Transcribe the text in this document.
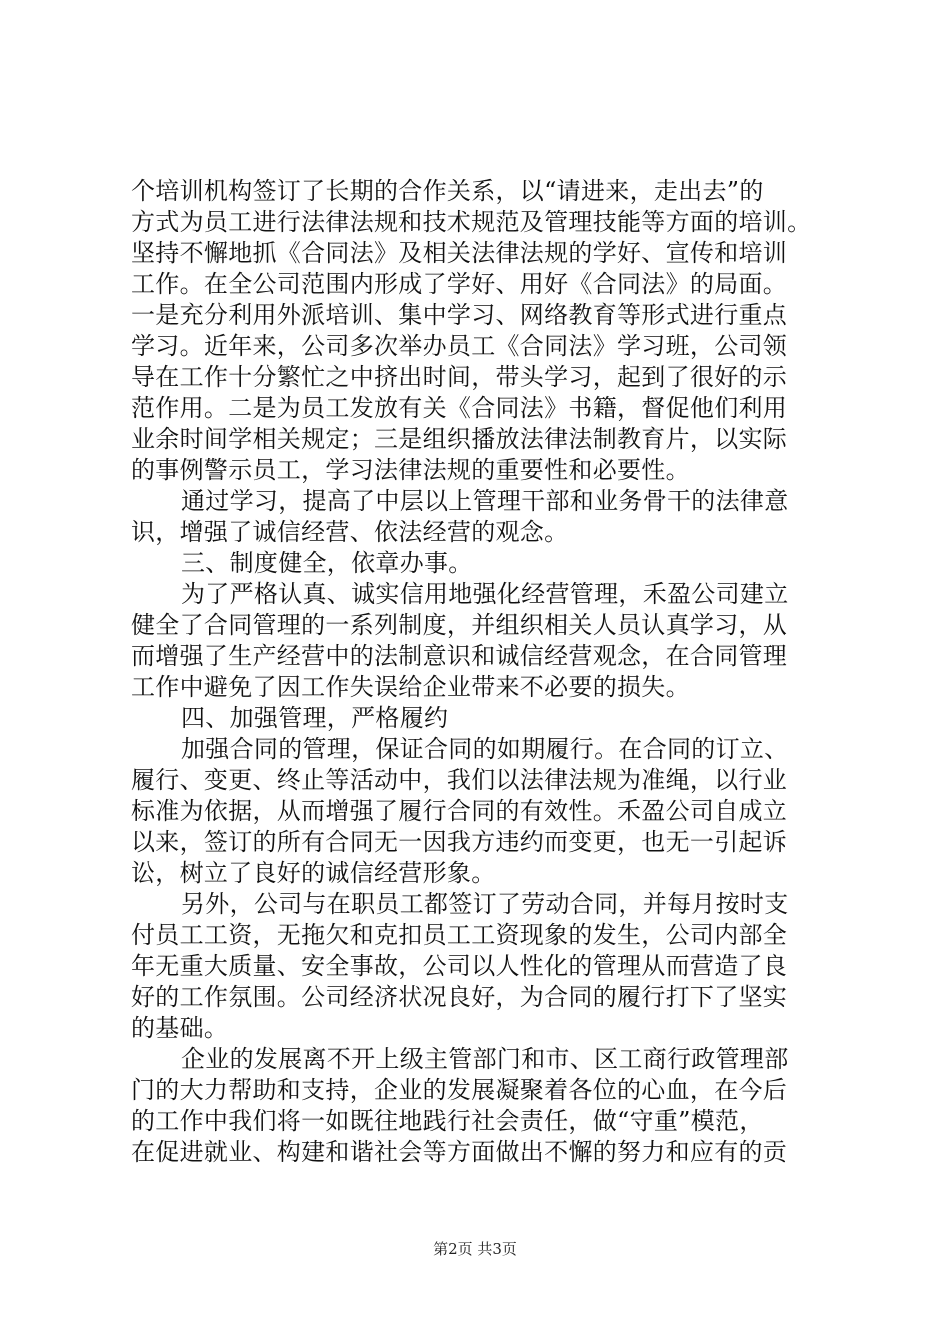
个培训机构签订了长期的合作关系，以“请进来，走出去”的
方式为员工进行法律法规和技术规范及管理技能等方面的培训。
坚持不懈地抓《合同法》及相关法律法规的学好、宣传和培训
工作。在全公司范围内形成了学好、用好《合同法》的局面。
一是充分利用外派培训、集中学习、网络教育等形式进行重点
学习。近年来，公司多次举办员工《合同法》学习班，公司领
导在工作十分繁忙之中挤出时间，带头学习，起到了很好的示
范作用。二是为员工发放有关《合同法》书籍，督促他们利用
业余时间学相关规定；三是组织播放法律法制教育片，以实际
的事例警示员工，学习法律法规的重要性和必要性。
通过学习，提高了中层以上管理干部和业务骨干的法律意
识，增强了诚信经营、依法经营的观念。
三、制度健全，依章办事。
为了严格认真、诚实信用地强化经营管理，禾盈公司建立
健全了合同管理的一系列制度，并组织相关人员认真学习，从
而增强了生产经营中的法制意识和诚信经营观念，在合同管理
工作中避免了因工作失误给企业带来不必要的损失。
四、加强管理，严格履约
加强合同的管理，保证合同的如期履行。在合同的订立、
履行、变更、终止等活动中，我们以法律法规为准绳，以行业
标准为依据，从而增强了履行合同的有效性。禾盈公司自成立
以来，签订的所有合同无一因我方违约而变更，也无一引起诉
讼，树立了良好的诚信经营形象。
另外，公司与在职员工都签订了劳动合同，并每月按时支
付员工工资，无拖欠和克扣员工工资现象的发生，公司内部全
年无重大质量、安全事故，公司以人性化的管理从而营造了良
好的工作氛围。公司经济状况良好，为合同的履行打下了坚实
的基础。
企业的发展离不开上级主管部门和市、区工商行政管理部
门的大力帮助和支持，企业的发展凝聚着各位的心血，在今后
的工作中我们将一如既往地践行社会责任，做“守重”模范，
在促进就业、构建和谐社会等方面做出不懈的努力和应有的贡
第2页 共3页
